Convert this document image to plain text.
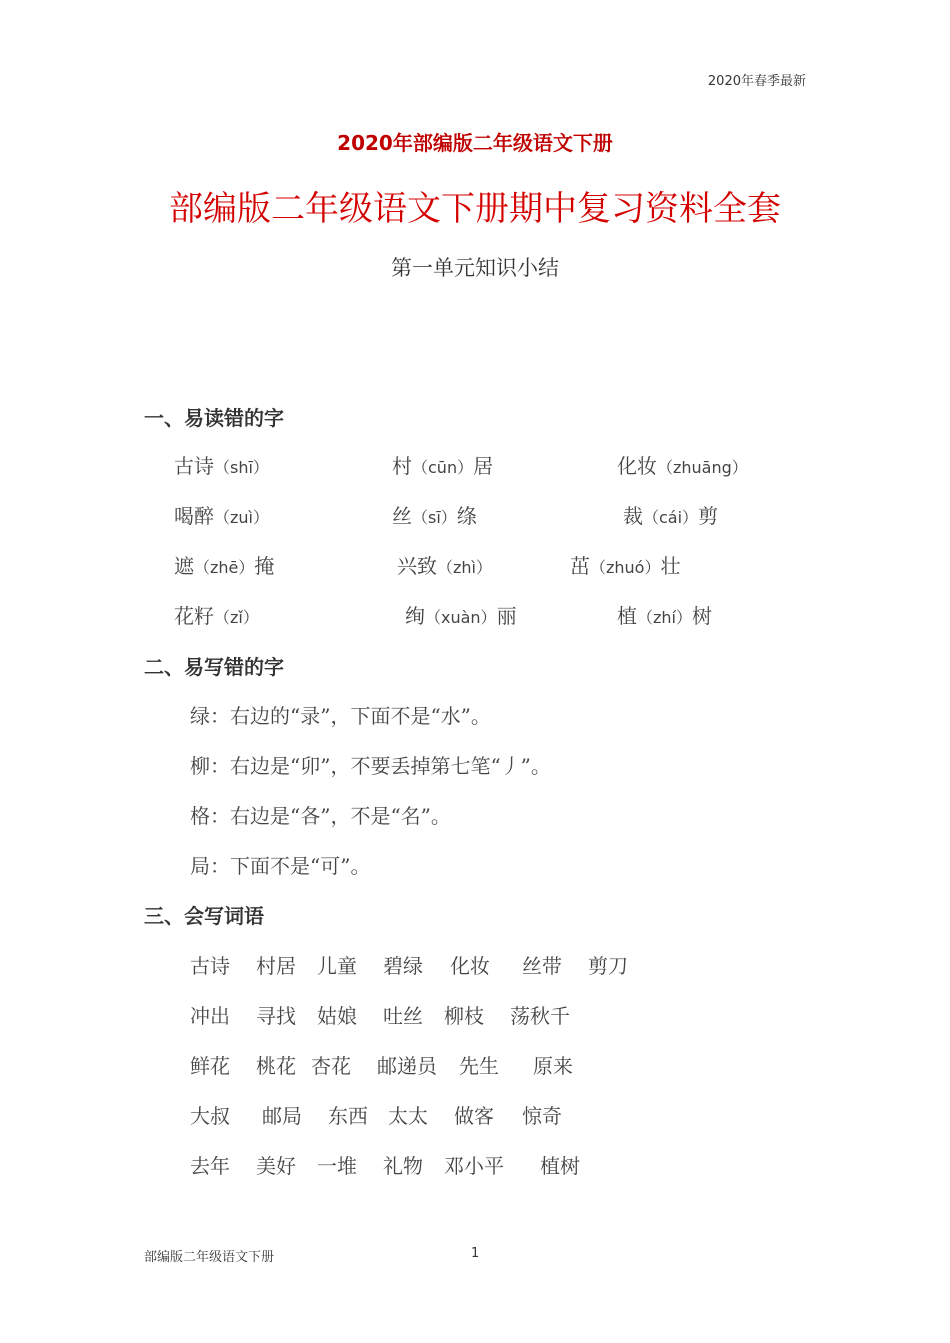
2020年春季最新
2020年部编版二年级语文下册
部编版二年级语文下册期中复习资料全套
第一单元知识小结
一、易读错的字
古诗（shī）	村（cūn）居	化妆（zhuāng）
喝醉（zuì）	丝（sī）绦	裁（cái）剪
遮（zhē）掩	兴致（zhì）	茁（zhuó）壮
花籽（zǐ）	绚（xuàn）丽	植（zhí）树
二、易写错的字
绿：右边的“录”，下面不是“水”。
柳：右边是“卯”，不要丢掉第七笔“丿”。
格：右边是“各”，不是“名”。
局：下面不是“可”。
三、会写词语
古诗 村居 儿童 碧绿 化妆 丝带 剪刀
冲出 寻找 姑娘 吐丝 柳枝 荡秋千
鲜花 桃花 杏花 邮递员 先生 原来
大叔 邮局 东西 太太 做客 惊奇
去年 美好 一堆 礼物 邓小平 植树
部编版二年级语文下册	1
